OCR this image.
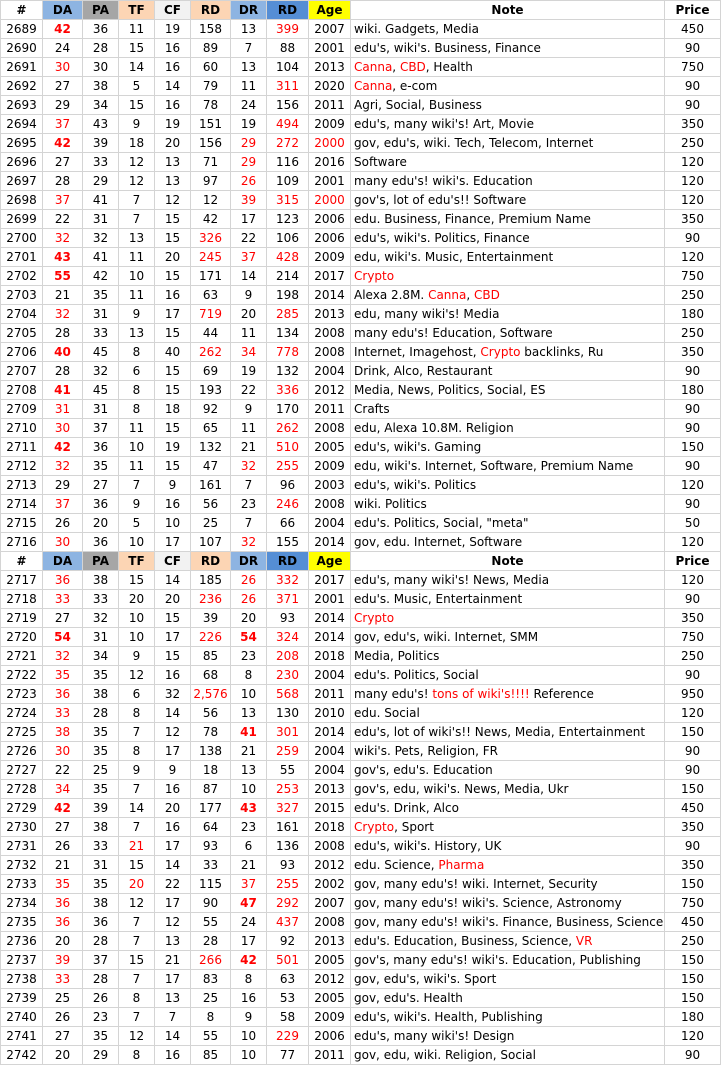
#	DA	PA	TF	CF	RD	DR	RD	Age	Note	Price
2689	42	36	11	19	158	13	399	2007	wiki. Gadgets, Media	450
2690	24	28	15	16	89	7	88	2001	edu's, wiki's. Business, Finance	90
2691	30	30	14	16	60	13	104	2013	Canna, CBD, Health	750
2692	27	38	5	14	79	11	311	2020	Canna, e-com	90
2693	29	34	15	16	78	24	156	2011	Agri, Social, Business	90
2694	37	43	9	19	151	19	494	2009	edu's, many wiki's! Art, Movie	350
2695	42	39	18	20	156	29	272	2000	gov, edu's, wiki. Tech, Telecom, Internet	250
2696	27	33	12	13	71	29	116	2016	Software	120
2697	28	29	12	13	97	26	109	2001	many edu's! wiki's. Education	120
2698	37	41	7	12	12	39	315	2000	gov's, lot of edu's!! Software	120
2699	22	31	7	15	42	17	123	2006	edu. Business, Finance, Premium Name	350
2700	32	32	13	15	326	22	106	2006	edu's, wiki's. Politics, Finance	90
2701	43	41	11	20	245	37	428	2009	edu, wiki's. Music, Entertainment	120
2702	55	42	10	15	171	14	214	2017	Crypto	750
2703	21	35	11	16	63	9	198	2014	Alexa 2.8M. Canna, CBD	250
2704	32	31	9	17	719	20	285	2013	edu, many wiki's! Media	180
2705	28	33	13	15	44	11	134	2008	many edu's! Education, Software	250
2706	40	45	8	40	262	34	778	2008	Internet, Imagehost, Crypto backlinks, Ru	350
2707	28	32	6	15	69	19	132	2004	Drink, Alco, Restaurant	90
2708	41	45	8	15	193	22	336	2012	Media, News, Politics, Social, ES	180
2709	31	31	8	18	92	9	170	2011	Crafts	90
2710	30	37	11	15	65	11	262	2008	edu, Alexa 10.8M. Religion	90
2711	42	36	10	19	132	21	510	2005	edu's, wiki's. Gaming	150
2712	32	35	11	15	47	32	255	2009	edu, wiki's. Internet, Software, Premium Name	90
2713	29	27	7	9	161	7	96	2003	edu's, wiki's. Politics	120
2714	37	36	9	16	56	23	246	2008	wiki. Politics	90
2715	26	20	5	10	25	7	66	2004	edu's. Politics, Social, "meta"	50
2716	30	36	10	17	107	32	155	2014	gov, edu. Internet, Software	120
#	DA	PA	TF	CF	RD	DR	RD	Age	Note	Price
2717	36	38	15	14	185	26	332	2017	edu's, many wiki's! News, Media	120
2718	33	33	20	20	236	26	371	2001	edu's. Music, Entertainment	90
2719	27	32	10	15	39	20	93	2014	Crypto	350
2720	54	31	10	17	226	54	324	2014	gov, edu's, wiki. Internet, SMM	750
2721	32	34	9	15	85	23	208	2018	Media, Politics	250
2722	35	35	12	16	68	8	230	2004	edu's. Politics, Social	90
2723	36	38	6	32	2,576	10	568	2011	many edu's! tons of wiki's!!!! Reference	950
2724	33	28	8	14	56	13	130	2010	edu. Social	120
2725	38	35	7	12	78	41	301	2014	edu's, lot of wiki's!! News, Media, Entertainment	150
2726	30	35	8	17	138	21	259	2004	wiki's. Pets, Religion, FR	90
2727	22	25	9	9	18	13	55	2004	gov's, edu's. Education	90
2728	34	35	7	16	87	10	253	2013	gov's, edu, wiki's. News, Media, Ukr	150
2729	42	39	14	20	177	43	327	2015	edu's. Drink, Alco	450
2730	27	38	7	16	64	23	161	2018	Crypto, Sport	350
2731	26	33	21	17	93	6	136	2008	edu's, wiki's. History, UK	90
2732	21	31	15	14	33	21	93	2012	edu. Science, Pharma	350
2733	35	35	20	22	115	37	255	2002	gov, many edu's! wiki. Internet, Security	150
2734	36	38	12	17	90	47	292	2007	gov, many edu's! wiki's. Science, Astronomy	750
2735	36	36	7	12	55	24	437	2008	gov, many edu's! wiki's. Finance, Business, Science	450
2736	20	28	7	13	28	17	92	2013	edu's. Education, Business, Science, VR	250
2737	39	37	15	21	266	42	501	2005	gov's, many edu's! wiki's. Education, Publishing	150
2738	33	28	7	17	83	8	63	2012	gov, edu's, wiki's. Sport	150
2739	25	26	8	13	25	16	53	2005	gov, edu's. Health	150
2740	26	23	7	7	8	9	58	2009	edu's, wiki's. Health, Publishing	180
2741	27	35	12	14	55	10	229	2006	edu's, many wiki's! Design	120
2742	20	29	8	16	85	10	77	2011	gov, edu, wiki. Religion, Social	90
